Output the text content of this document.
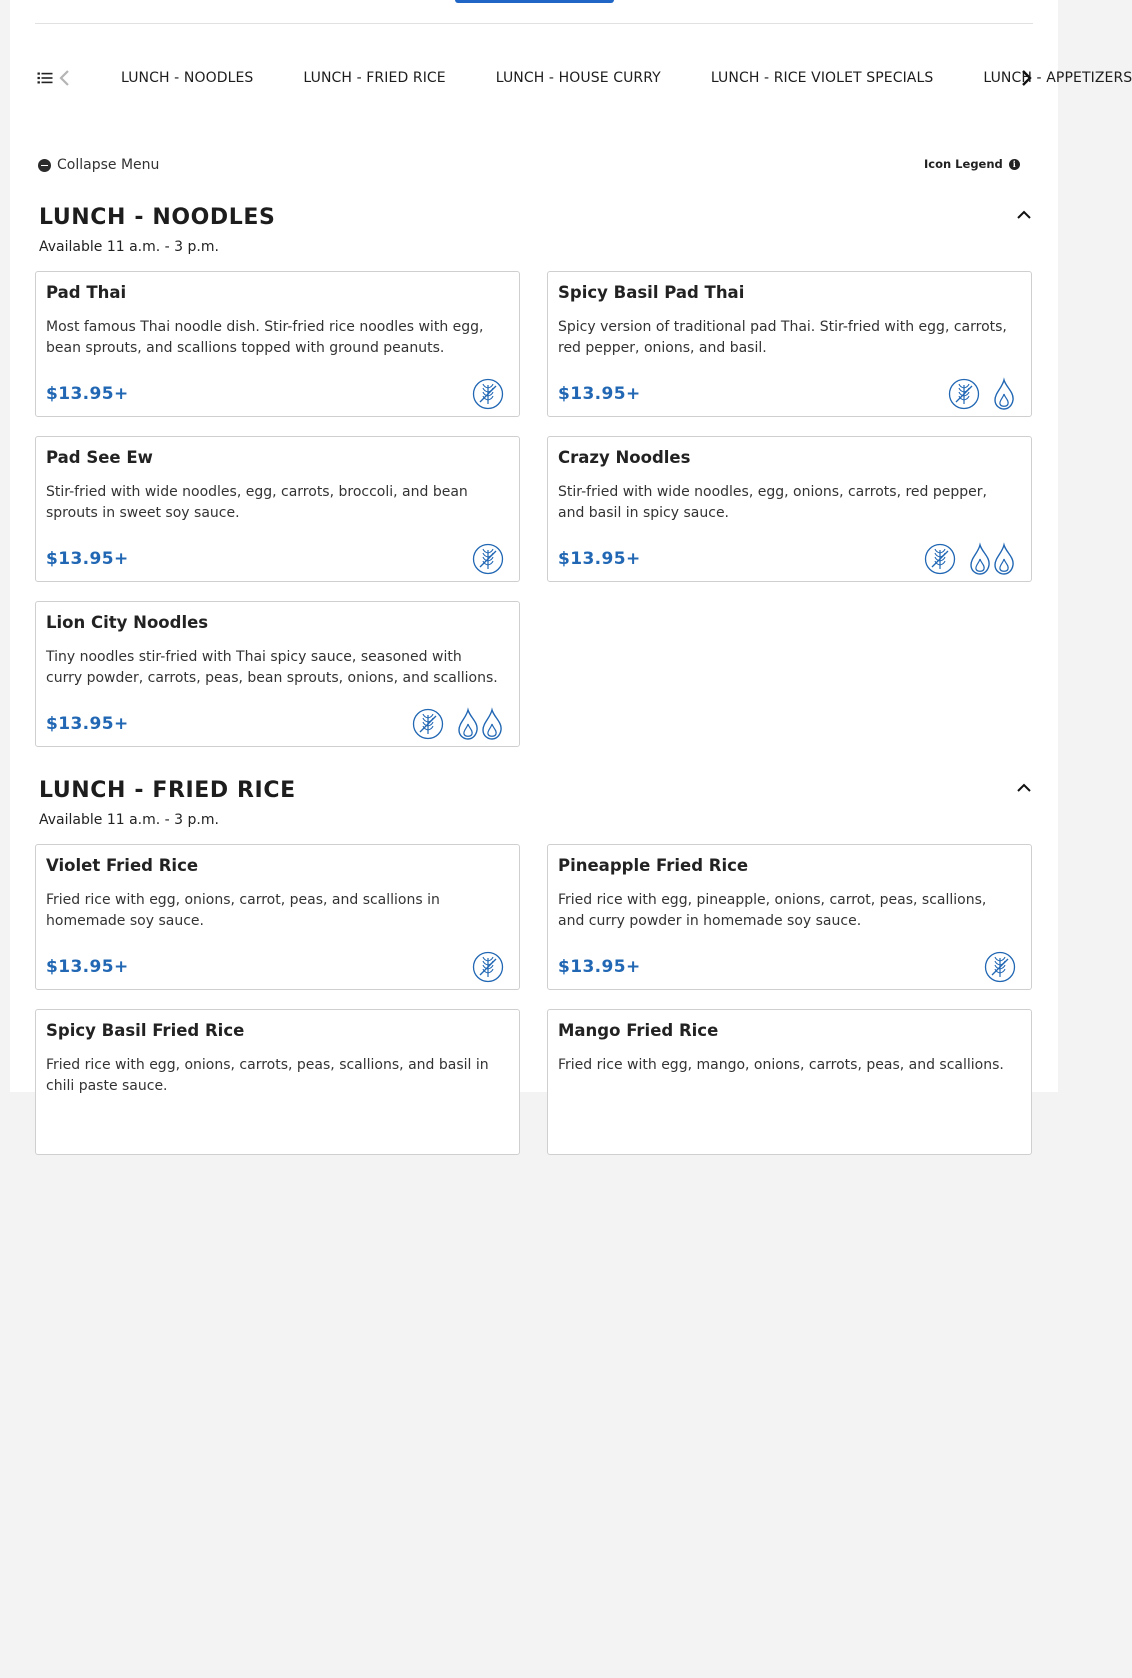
LUNCH - NOODLES	LUNCH - FRIED RICE	LUNCH - HOUSE CURRY	LUNCH - RICE VIOLET SPECIALS	LUNCH - APPETIZERS
Collapse Menu	Icon Legend	i
LUNCH - NOODLES
Available 11 a.m. - 3 p.m.
Pad Thai
Most famous Thai noodle dish. Stir-fried rice noodles with egg, bean sprouts, and scallions topped with ground peanuts.
$13.95+
Spicy Basil Pad Thai
Spicy version of traditional pad Thai. Stir-fried with egg, carrots, red pepper, onions, and basil.
$13.95+
Pad See Ew
Stir-fried with wide noodles, egg, carrots, broccoli, and bean sprouts in sweet soy sauce.
$13.95+
Crazy Noodles
Stir-fried with wide noodles, egg, onions, carrots, red pepper, and basil in spicy sauce.
$13.95+
Lion City Noodles
Tiny noodles stir-fried with Thai spicy sauce, seasoned with curry powder, carrots, peas, bean sprouts, onions, and scallions.
$13.95+
LUNCH - FRIED RICE
Available 11 a.m. - 3 p.m.
Violet Fried Rice
Fried rice with egg, onions, carrot, peas, and scallions in homemade soy sauce.
$13.95+
Pineapple Fried Rice
Fried rice with egg, pineapple, onions, carrot, peas, scallions, and curry powder in homemade soy sauce.
$13.95+
Spicy Basil Fried Rice
Fried rice with egg, onions, carrots, peas, scallions, and basil in chili paste sauce.
Mango Fried Rice
Fried rice with egg, mango, onions, carrots, peas, and scallions.
